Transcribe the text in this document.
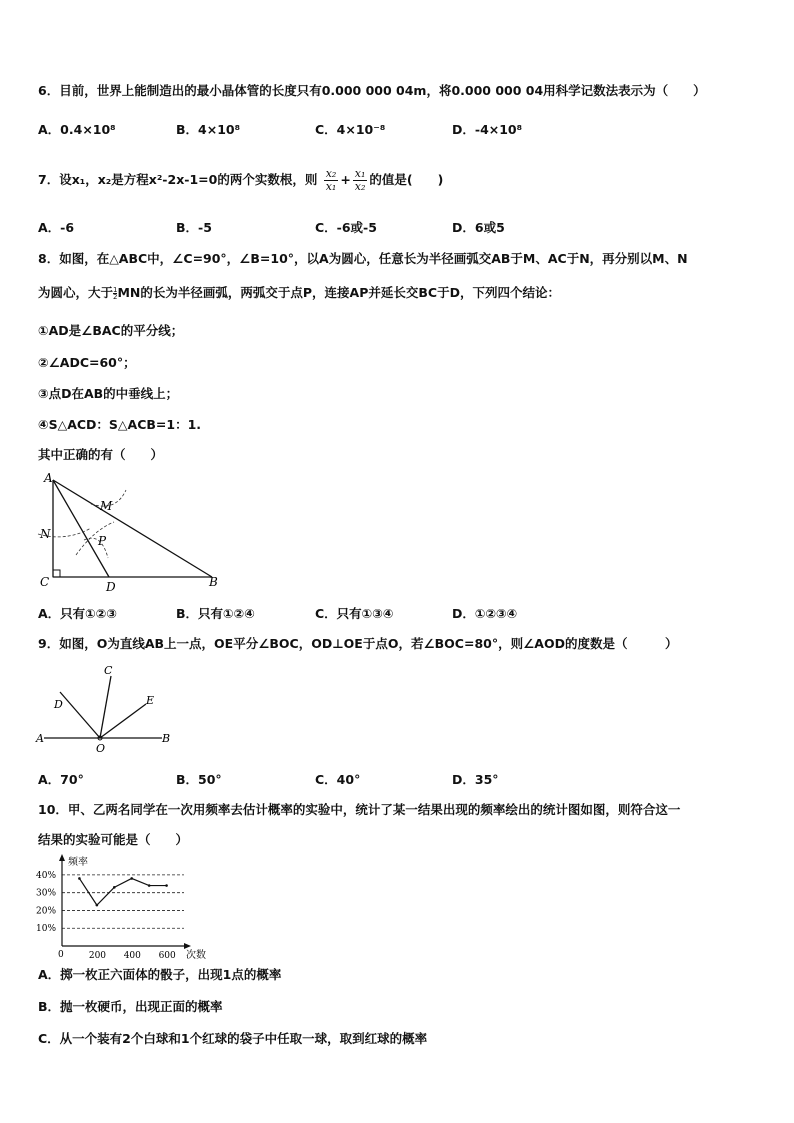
6．目前，世界上能制造出的最小晶体管的长度只有0.000 000 04m，将0.000 000 04用科学记数法表示为（　　）
A．0.4×10⁸	B．4×10⁸	C．4×10⁻⁸	D．-4×10⁸
7．设x₁，x₂是方程x²-2x-1=0的两个实数根，则 $\frac{\text{x₂}}{\text{x₁}} + \frac{\text{x₁}}{\text{x₂}}$ 的值是(　　)
A．-6	B．-5	C．-6或-5	D．6或5
8．如图，在△ABC中，∠C=90°，∠B=10°，以A为圆心，任意长为半径画弧交AB于M、AC于N，再分别以M、N
为圆心，大于 $\frac{1}{2}$ MN的长为半径画弧，两弧交于点P，连接AP并延长交BC于D，下列四个结论：
①AD是∠BAC的平分线；
②∠ADC=60°；
③点D在AB的中垂线上；
④S△ACD：S△ACB=1：1.
其中正确的有（　　）
A
M
N	P
C	D	B
A．只有①②③	B．只有①②④	C．只有①③④	D．①②③④
9．如图，O为直线AB上一点，OE平分∠BOC，OD⊥OE于点O，若∠BOC=80°，则∠AOD的度数是（　　　）
C
D	E
A
O
B
A．70°	B．50°	C．40°	D．35°
10．甲、乙两名同学在一次用频率去估计概率的实验中，统计了某一结果出现的频率绘出的统计图如图，则符合这一
结果的实验可能是（　　）
频率
次数
0
10%
20%
30%
40%
200 400 600
A．掷一枚正六面体的骰子，出现1点的概率
B．抛一枚硬币，出现正面的概率
C．从一个装有2个白球和1个红球的袋子中任取一球，取到红球的概率
